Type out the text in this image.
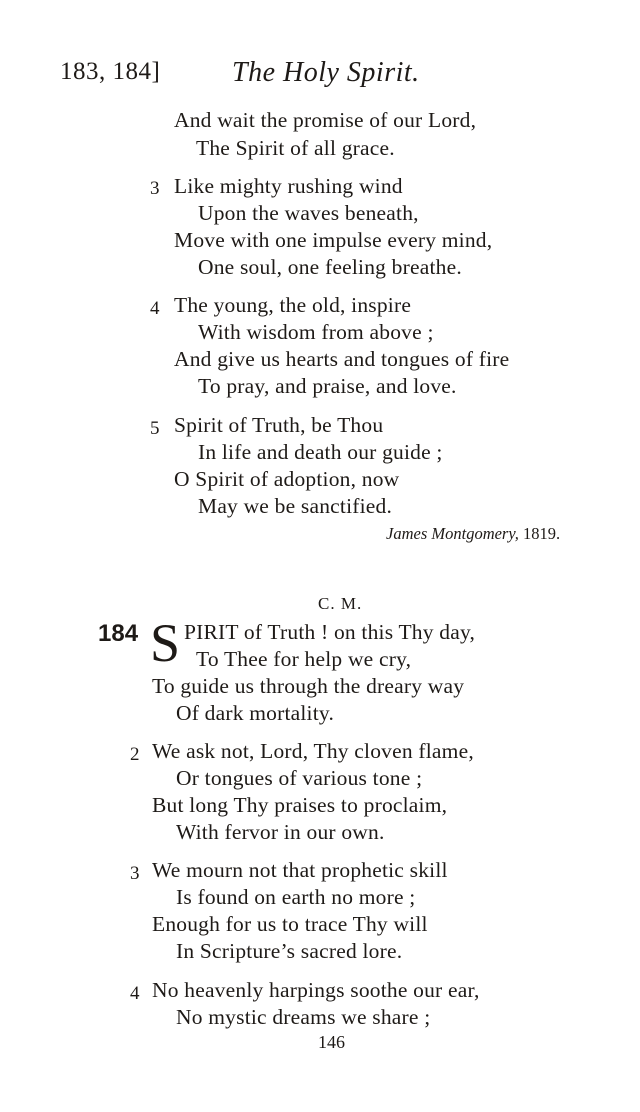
183, 184]	The Holy Spirit.
And wait the promise of our Lord,
The Spirit of all grace.
3 Like mighty rushing wind
Upon the waves beneath,
Move with one impulse every mind,
One soul, one feeling breathe.
4 The young, the old, inspire
With wisdom from above ;
And give us hearts and tongues of fire
To pray, and praise, and love.
5 Spirit of Truth, be Thou
In life and death our guide ;
O Spirit of adoption, now
May we be sanctified.
James Montgomery, 1819.
C. M.
184 S PIRIT of Truth ! on this Thy day,
To Thee for help we cry,
To guide us through the dreary way
Of dark mortality.
2 We ask not, Lord, Thy cloven flame,
Or tongues of various tone ;
But long Thy praises to proclaim,
With fervor in our own.
3 We mourn not that prophetic skill
Is found on earth no more ;
Enough for us to trace Thy will
In Scripture’s sacred lore.
4 No heavenly harpings soothe our ear,
No mystic dreams we share ;
146
